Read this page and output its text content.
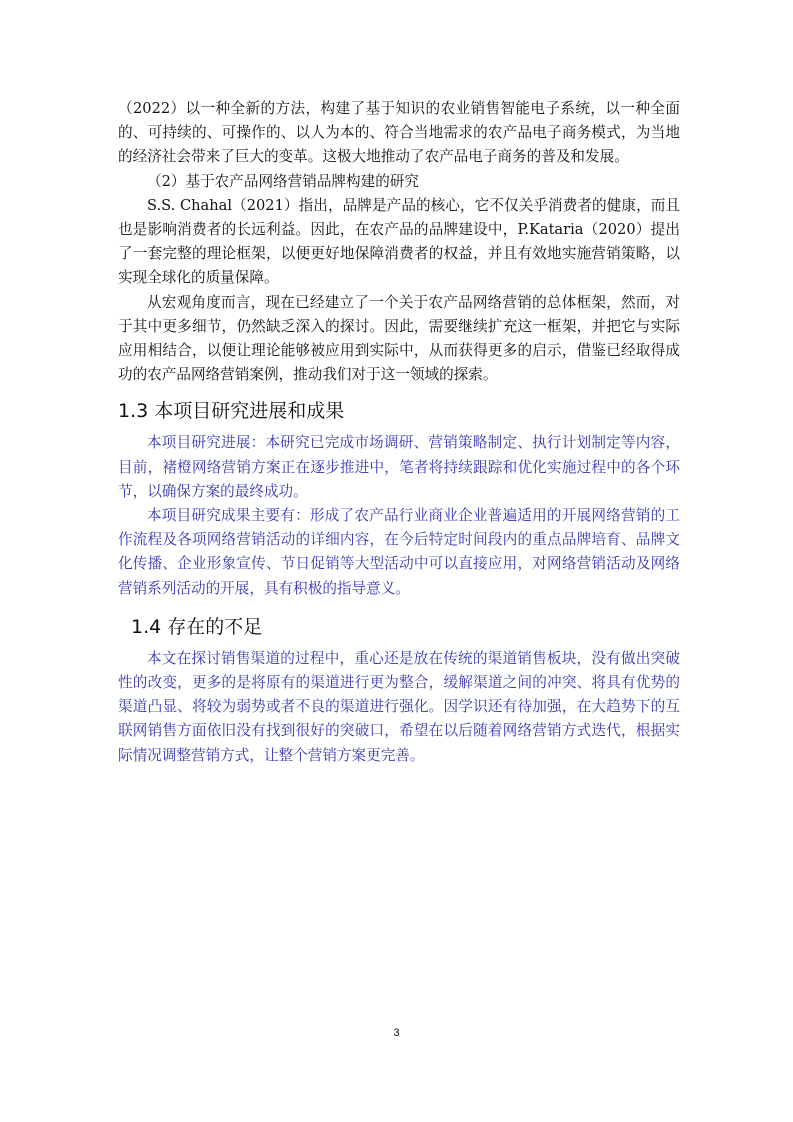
（2022）以一种全新的方法，构建了基于知识的农业销售智能电子系统，以一种全面的、可持续的、可操作的、以人为本的、符合当地需求的农产品电子商务模式，为当地的经济社会带来了巨大的变革。这极大地推动了农产品电子商务的普及和发展。

（2）基于农产品网络营销品牌构建的研究

S.S. Chahal（2021）指出，品牌是产品的核心，它不仅关乎消费者的健康，而且也是影响消费者的长远利益。因此，在农产品的品牌建设中，P.Kataria（2020）提出了一套完整的理论框架，以便更好地保障消费者的权益，并且有效地实施营销策略，以实现全球化的质量保障。

从宏观角度而言，现在已经建立了一个关于农产品网络营销的总体框架，然而，对于其中更多细节，仍然缺乏深入的探讨。因此，需要继续扩充这一框架，并把它与实际应用相结合，以便让理论能够被应用到实际中，从而获得更多的启示，借鉴已经取得成功的农产品网络营销案例，推动我们对于这一领域的探索。

1.3 本项目研究进展和成果

本项目研究进展：本研究已完成市场调研、营销策略制定、执行计划制定等内容，目前，褚橙网络营销方案正在逐步推进中，笔者将持续跟踪和优化实施过程中的各个环节，以确保方案的最终成功。

本项目研究成果主要有：形成了农产品行业商业企业普遍适用的开展网络营销的工作流程及各项网络营销活动的详细内容，在今后特定时间段内的重点品牌培育、品牌文化传播、企业形象宣传、节日促销等大型活动中可以直接应用，对网络营销活动及网络营销系列活动的开展，具有积极的指导意义。

1.4 存在的不足

本文在探讨销售渠道的过程中，重心还是放在传统的渠道销售板块，没有做出突破性的改变，更多的是将原有的渠道进行更为整合，缓解渠道之间的冲突、将具有优势的渠道凸显、将较为弱势或者不良的渠道进行强化。因学识还有待加强，在大趋势下的互联网销售方面依旧没有找到很好的突破口，希望在以后随着网络营销方式迭代，根据实际情况调整营销方式，让整个营销方案更完善。

3
